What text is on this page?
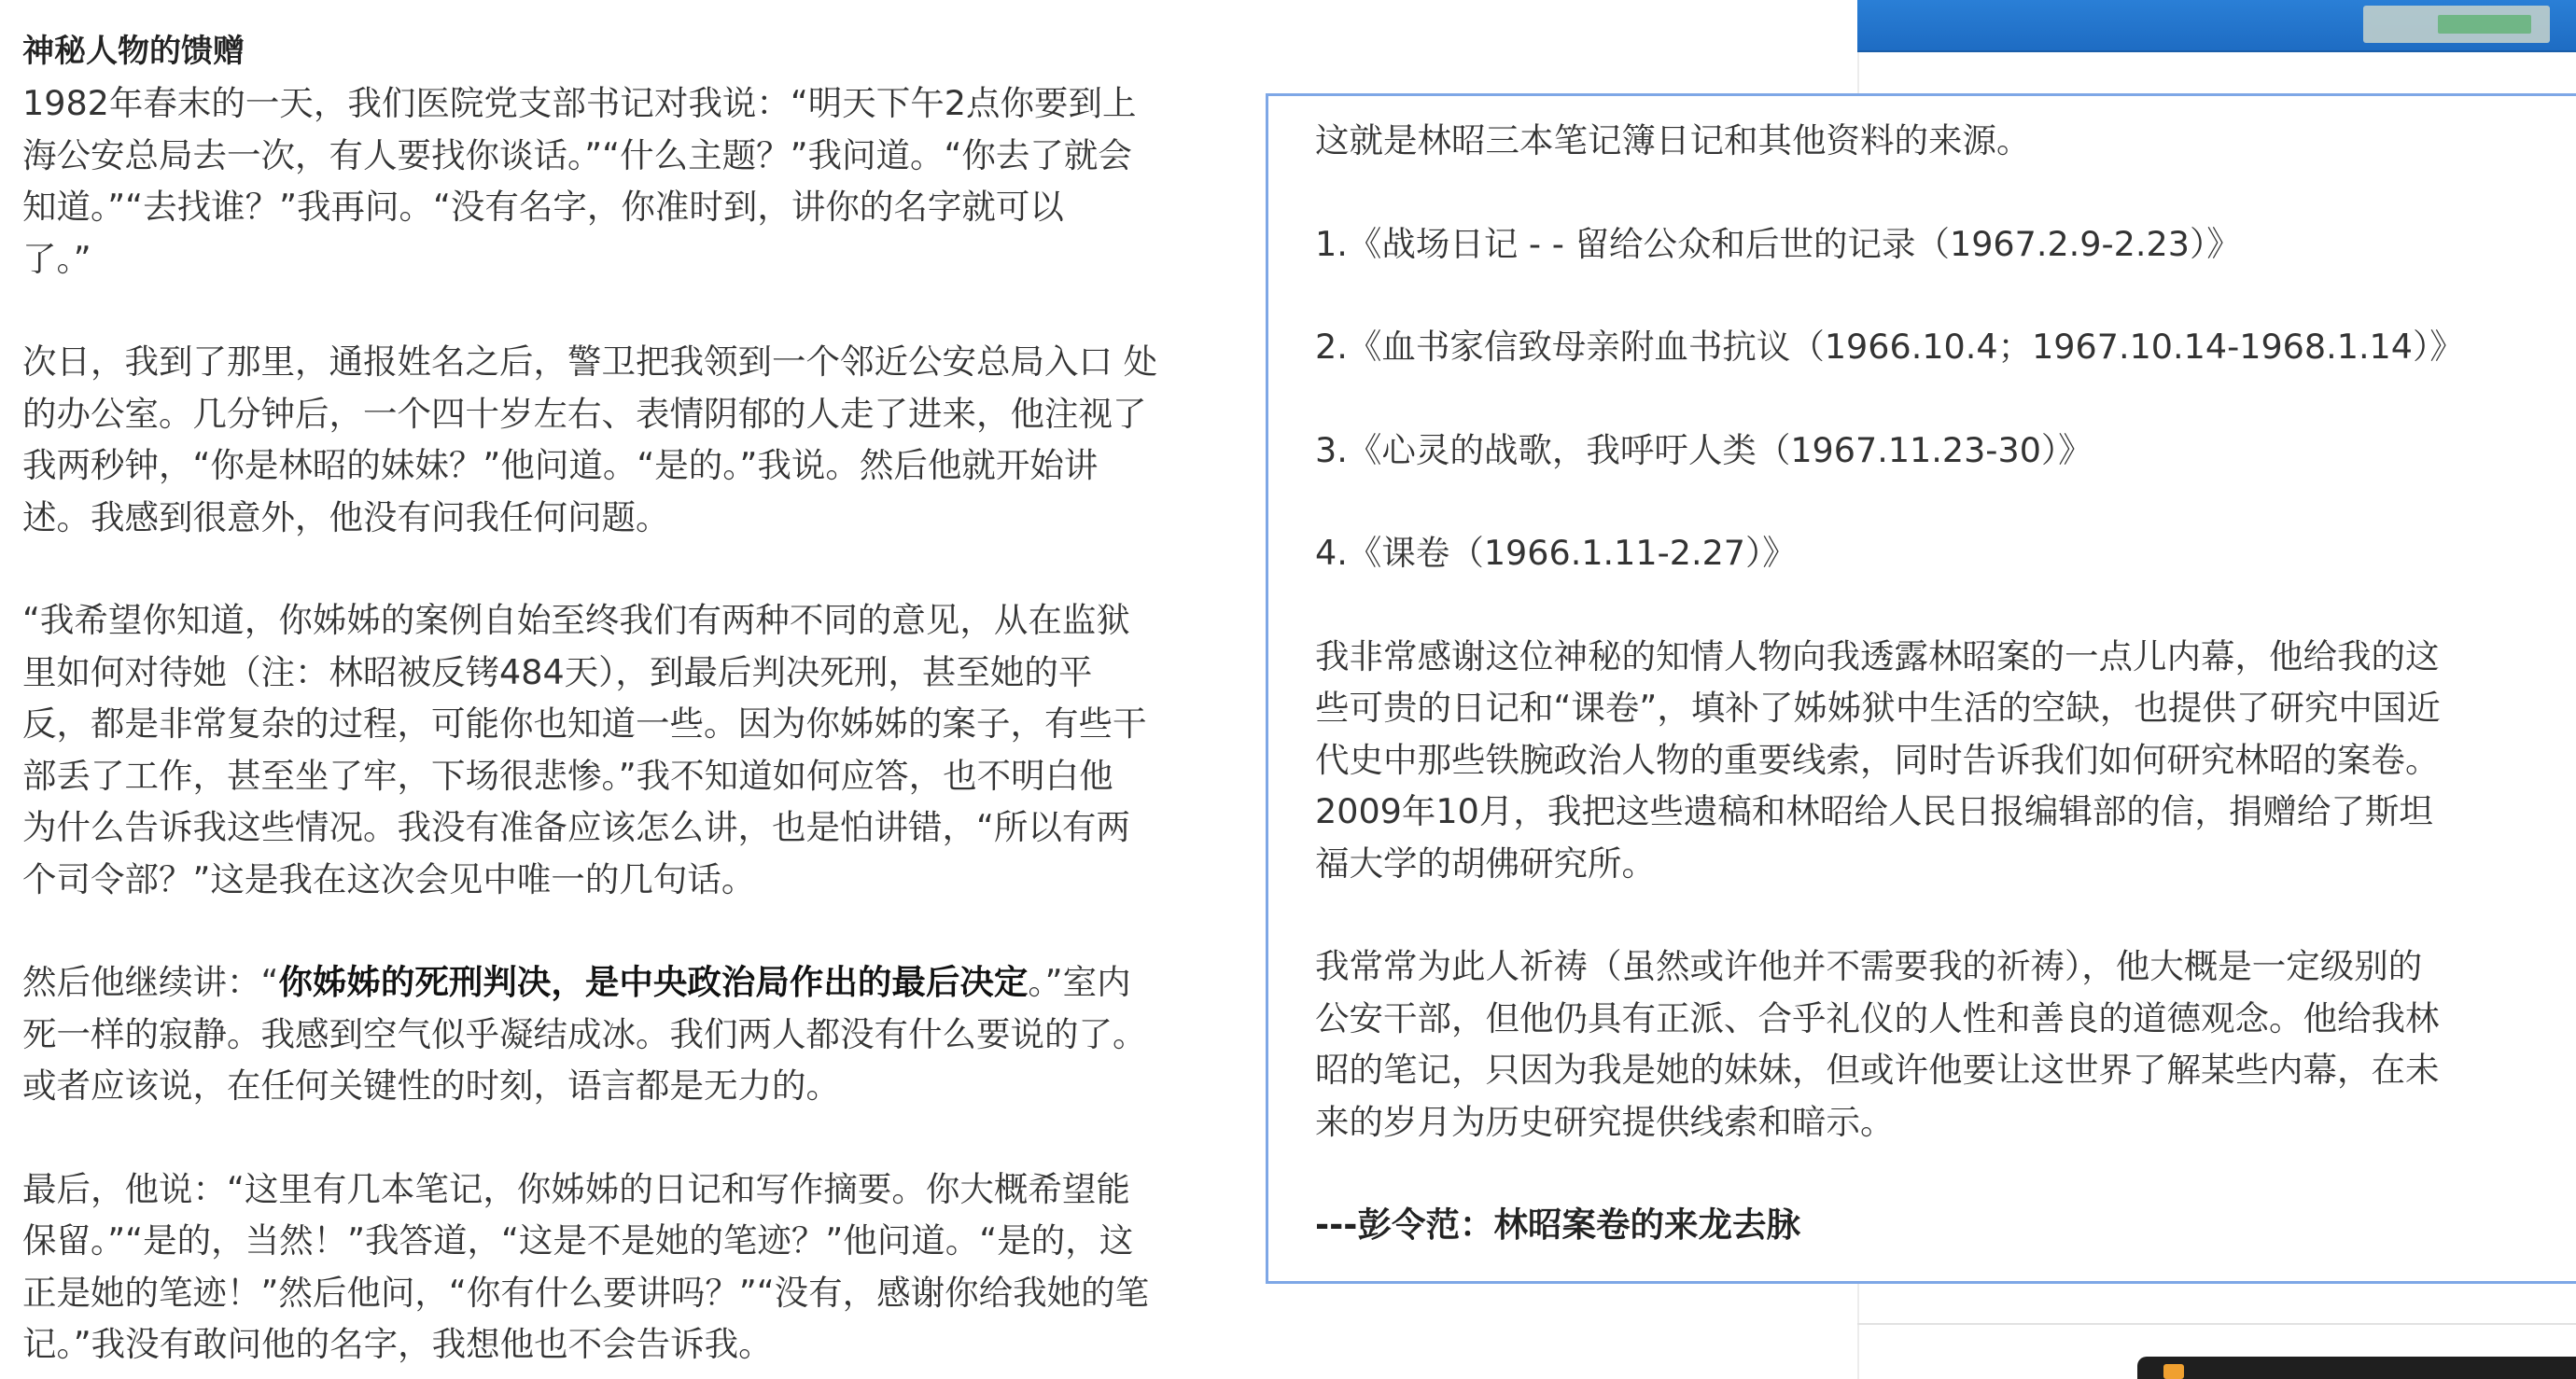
神秘人物的馈赠

1982年春末的一天，我们医院党支部书记对我说：“明天下午2点你要到上
海公安总局去一次，有人要找你谈话。”“什么主题？”我问道。“你去了就会
知道。”“去找谁？”我再问。“没有名字，你准时到，讲你的名字就可以
了。”

次日，我到了那里，通报姓名之后，警卫把我领到一个邻近公安总局入口 处
的办公室。几分钟后，一个四十岁左右、表情阴郁的人走了进来，他注视了
我两秒钟，“你是林昭的妹妹？”他问道。“是的。”我说。然后他就开始讲
述。我感到很意外，他没有问我任何问题。

“我希望你知道，你姊姊的案例自始至终我们有两种不同的意见，从在监狱
里如何对待她（注：林昭被反铐484天），到最后判决死刑，甚至她的平
反，都是非常复杂的过程，可能你也知道一些。因为你姊姊的案子，有些干
部丢了工作，甚至坐了牢，下场很悲惨。”我不知道如何应答，也不明白他
为什么告诉我这些情况。我没有准备应该怎么讲，也是怕讲错，“所以有两
个司令部？”这是我在这次会见中唯一的几句话。

然后他继续讲：“你姊姊的死刑判决，是中央政治局作出的最后决定。”室内
死一样的寂静。我感到空气似乎凝结成冰。我们两人都没有什么要说的了。
或者应该说，在任何关键性的时刻，语言都是无力的。

最后，他说：“这里有几本笔记，你姊姊的日记和写作摘要。你大概希望能
保留。”“是的，当然！”我答道，“这是不是她的笔迹？”他问道。“是的，这
正是她的笔迹！”然后他问，“你有什么要讲吗？”“没有，感谢你给我她的笔
记。”我没有敢问他的名字，我想他也不会告诉我。

这就是林昭三本笔记簿日记和其他资料的来源。

1.《战场日记 - - 留给公众和后世的记录（1967.2.9-2.23）》

2.《血书家信致母亲附血书抗议（1966.10.4；1967.10.14-1968.1.14）》

3.《心灵的战歌，我呼吁人类（1967.11.23-30）》

4.《课卷（1966.1.11-2.27）》

我非常感谢这位神秘的知情人物向我透露林昭案的一点儿内幕，他给我的这
些可贵的日记和“课卷”，填补了姊姊狱中生活的空缺，也提供了研究中国近
代史中那些铁腕政治人物的重要线索，同时告诉我们如何研究林昭的案卷。
2009年10月，我把这些遗稿和林昭给人民日报编辑部的信，捐赠给了斯坦
福大学的胡佛研究所。

我常常为此人祈祷（虽然或许他并不需要我的祈祷），他大概是一定级别的
公安干部，但他仍具有正派、合乎礼仪的人性和善良的道德观念。他给我林
昭的笔记，只因为我是她的妹妹，但或许他要让这世界了解某些内幕，在未
来的岁月为历史研究提供线索和暗示。

---彭令范：林昭案卷的来龙去脉
